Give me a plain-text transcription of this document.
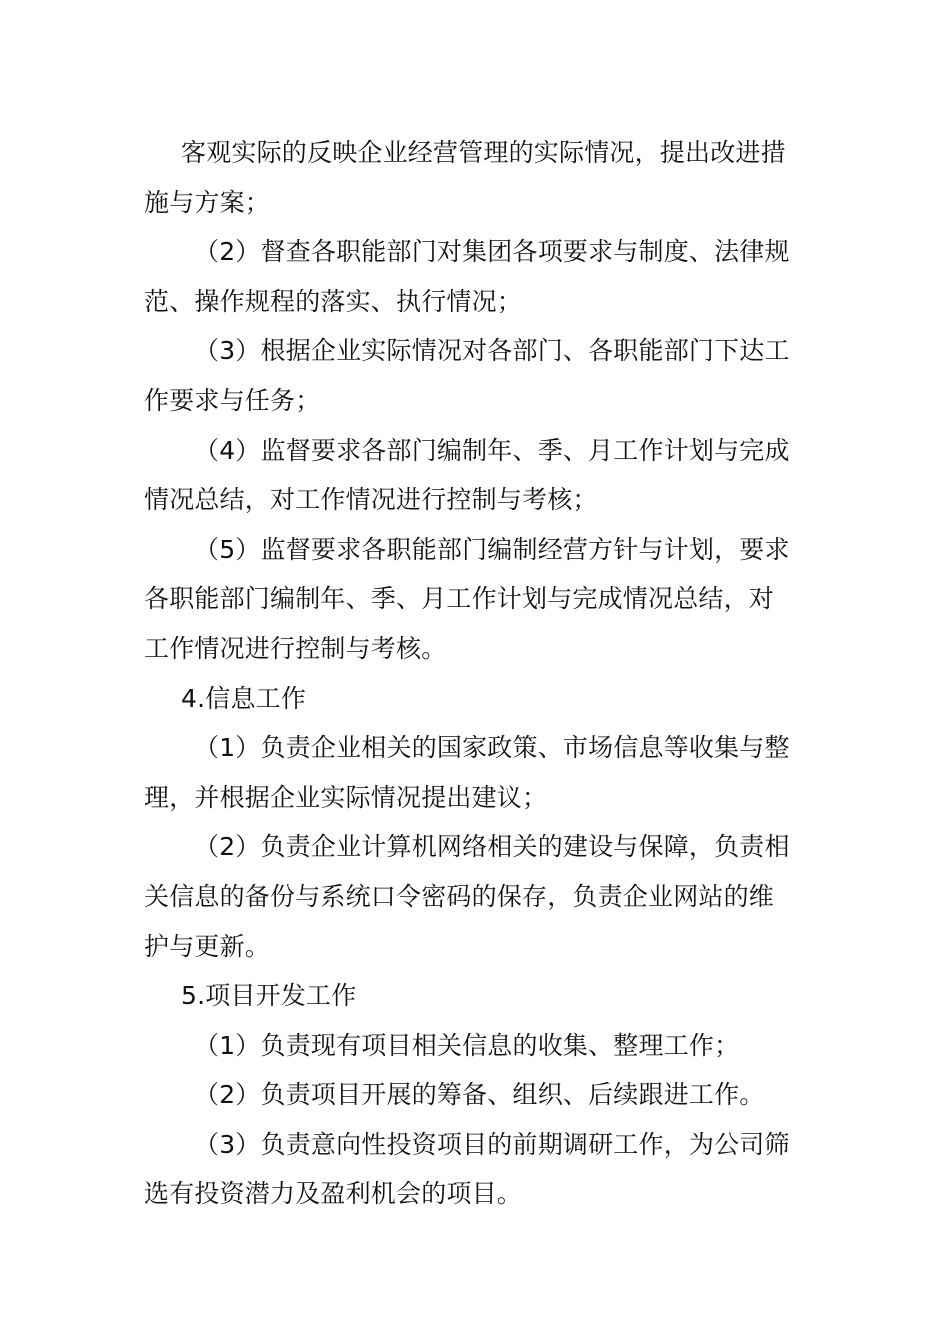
客观实际的反映企业经营管理的实际情况，提出改进措
施与方案；
（2）督查各职能部门对集团各项要求与制度、法律规
范、操作规程的落实、执行情况；
（3）根据企业实际情况对各部门、各职能部门下达工
作要求与任务；
（4）监督要求各部门编制年、季、月工作计划与完成
情况总结，对工作情况进行控制与考核；
（5）监督要求各职能部门编制经营方针与计划，要求
各职能部门编制年、季、月工作计划与完成情况总结，对
工作情况进行控制与考核。
4.信息工作
（1）负责企业相关的国家政策、市场信息等收集与整
理，并根据企业实际情况提出建议；
（2）负责企业计算机网络相关的建设与保障，负责相
关信息的备份与系统口令密码的保存，负责企业网站的维
护与更新。
5.项目开发工作
（1）负责现有项目相关信息的收集、整理工作；
（2）负责项目开展的筹备、组织、后续跟进工作。
（3）负责意向性投资项目的前期调研工作，为公司筛
选有投资潜力及盈利机会的项目。
